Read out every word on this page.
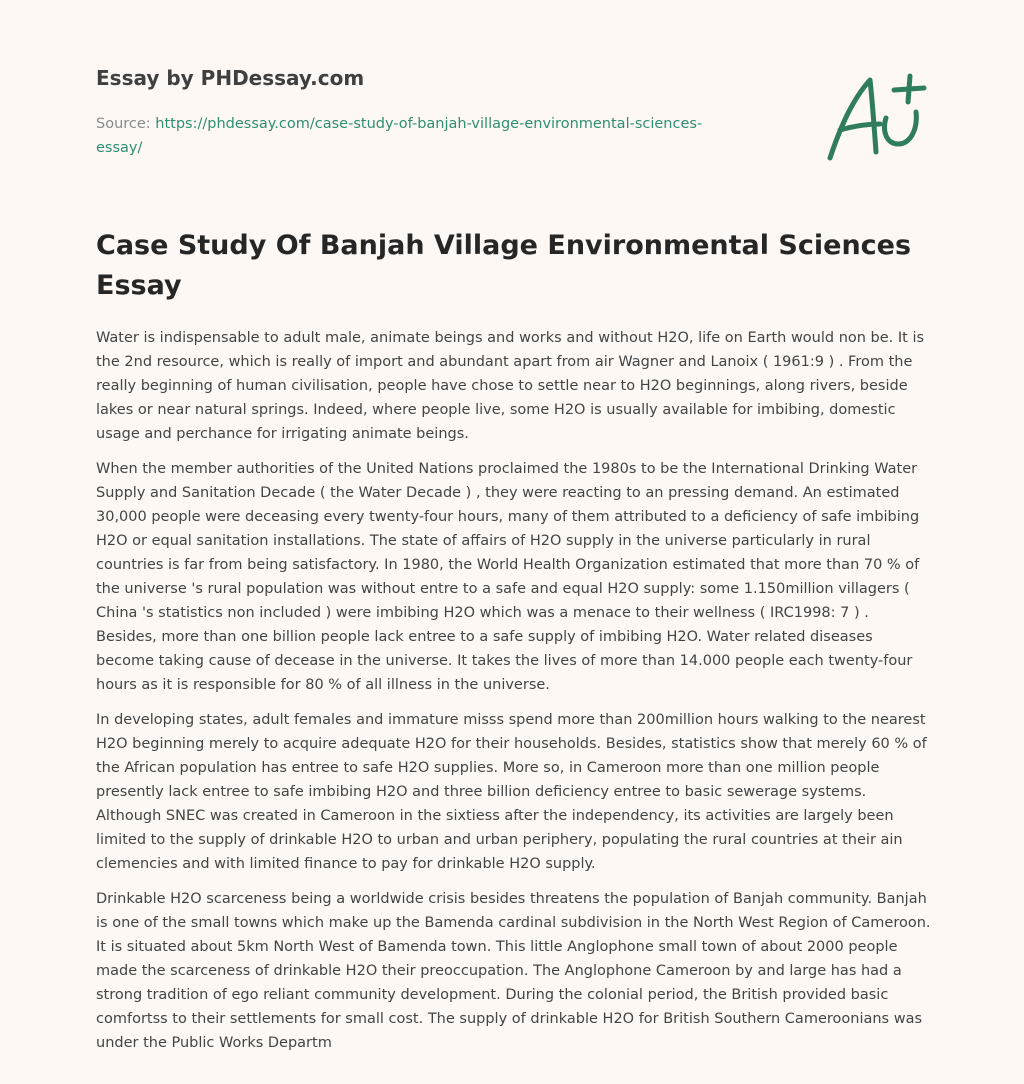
Essay by PHDessay.com
Source: https://phdessay.com/case-study-of-banjah-village-environmental-sciences-essay/
Case Study Of Banjah Village Environmental Sciences Essay

Water is indispensable to adult male, animate beings and works and without H2O, life on Earth would non be. It is the 2nd resource, which is really of import and abundant apart from air Wagner and Lanoix ( 1961:9 ) . From the really beginning of human civilisation, people have chose to settle near to H2O beginnings, along rivers, beside lakes or near natural springs. Indeed, where people live, some H2O is usually available for imbibing, domestic usage and perchance for irrigating animate beings.

When the member authorities of the United Nations proclaimed the 1980s to be the International Drinking Water Supply and Sanitation Decade ( the Water Decade ) , they were reacting to an pressing demand. An estimated 30,000 people were deceasing every twenty-four hours, many of them attributed to a deficiency of safe imbibing H2O or equal sanitation installations. The state of affairs of H2O supply in the universe particularly in rural countries is far from being satisfactory. In 1980, the World Health Organization estimated that more than 70 % of the universe 's rural population was without entre to a safe and equal H2O supply: some 1.150million villagers ( China 's statistics non included ) were imbibing H2O which was a menace to their wellness ( IRC1998: 7 ) . Besides, more than one billion people lack entree to a safe supply of imbibing H2O. Water related diseases become taking cause of decease in the universe. It takes the lives of more than 14.000 people each twenty-four hours as it is responsible for 80 % of all illness in the universe.

In developing states, adult females and immature misss spend more than 200million hours walking to the nearest H2O beginning merely to acquire adequate H2O for their households. Besides, statistics show that merely 60 % of the African population has entree to safe H2O supplies. More so, in Cameroon more than one million people presently lack entree to safe imbibing H2O and three billion deficiency entree to basic sewerage systems. Although SNEC was created in Cameroon in the sixtiess after the independency, its activities are largely been limited to the supply of drinkable H2O to urban and urban periphery, populating the rural countries at their ain clemencies and with limited finance to pay for drinkable H2O supply.

Drinkable H2O scarceness being a worldwide crisis besides threatens the population of Banjah community. Banjah is one of the small towns which make up the Bamenda cardinal subdivision in the North West Region of Cameroon. It is situated about 5km North West of Bamenda town. This little Anglophone small town of about 2000 people made the scarceness of drinkable H2O their preoccupation. The Anglophone Cameroon by and large has had a strong tradition of ego reliant community development. During the colonial period, the British provided basic comfortss to their settlements for small cost. The supply of drinkable H2O for British Southern Cameroonians was under the Public Works Departm
